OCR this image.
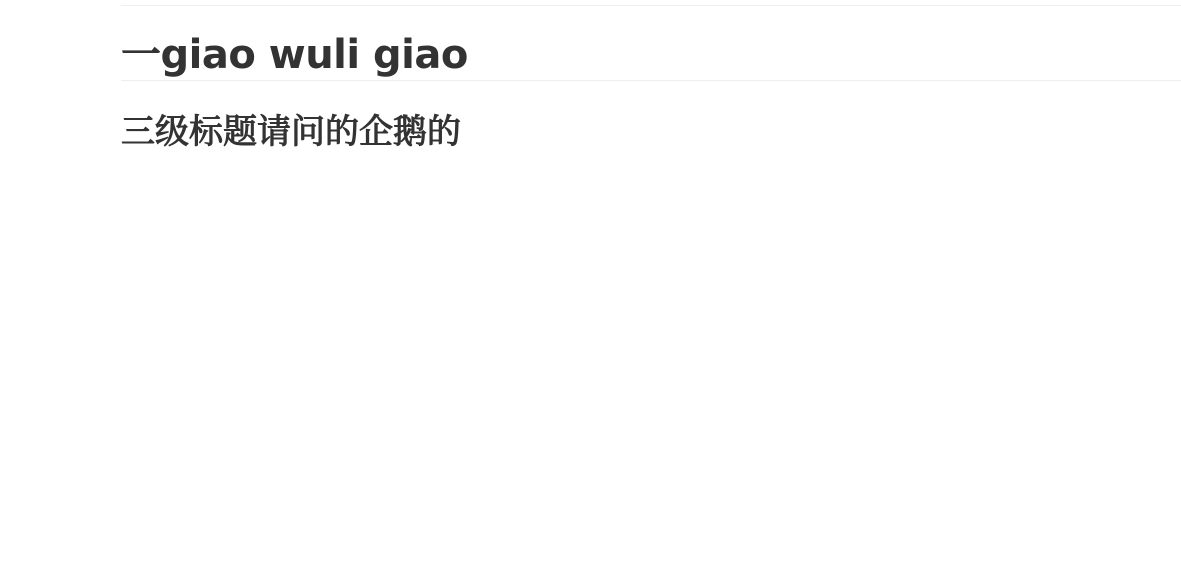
一giao wuli giao
三级标题请问的企鹅的
